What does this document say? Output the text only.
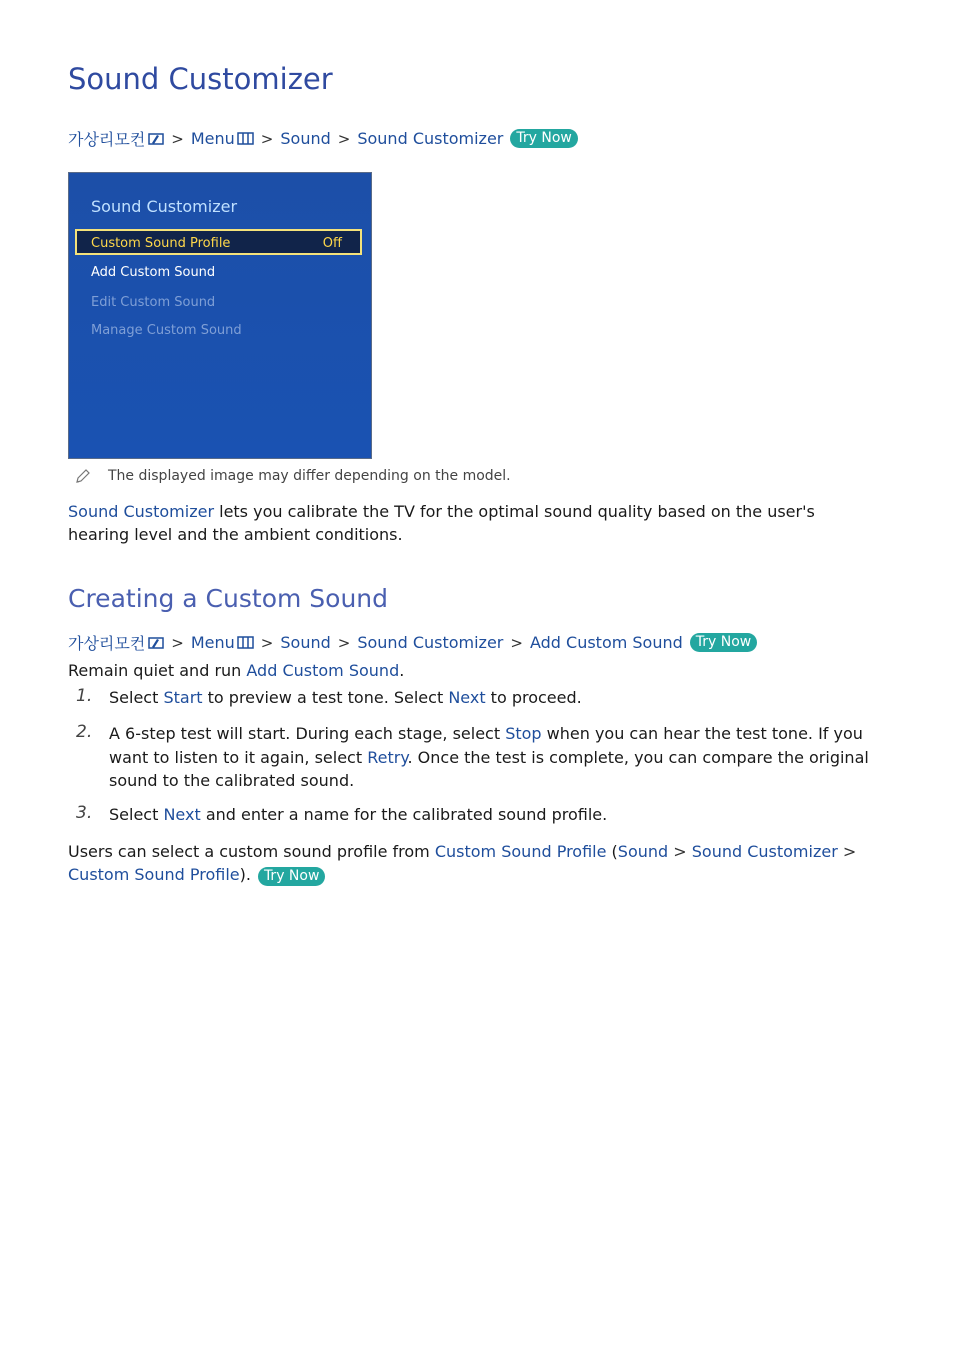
Sound Customizer
가상리모컨 > Menu > Sound > Sound Customizer Try Now
Sound Customizer
Custom Sound Profile	Off
Add Custom Sound
Edit Custom Sound
Manage Custom Sound
The displayed image may differ depending on the model.

Sound Customizer lets you calibrate the TV for the optimal sound quality based on the user's hearing level and the ambient conditions.

Creating a Custom Sound
가상리모컨 > Menu > Sound > Sound Customizer > Add Custom Sound Try Now

Remain quiet and run Add Custom Sound.

1. Select Start to preview a test tone. Select Next to proceed.

2. A 6-step test will start. During each stage, select Stop when you can hear the test tone. If you want to listen to it again, select Retry. Once the test is complete, you can compare the original sound to the calibrated sound.

3. Select Next and enter a name for the calibrated sound profile.

Users can select a custom sound profile from Custom Sound Profile (Sound > Sound Customizer > Custom Sound Profile). Try Now
